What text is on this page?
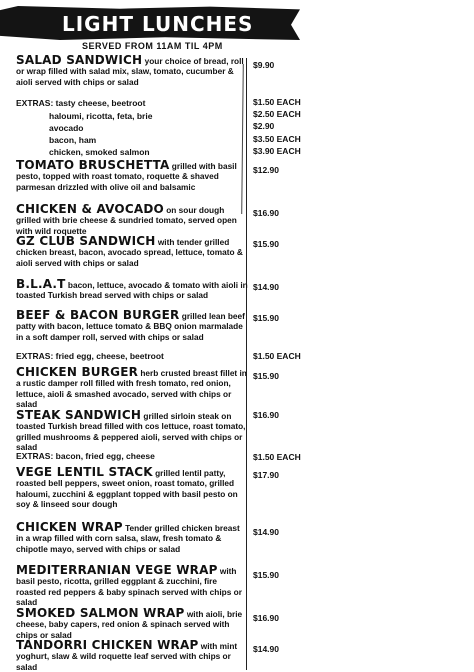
LIGHT LUNCHES
SERVED FROM 11AM TIL 4PM
SALAD SANDWICH your choice of bread, roll or wrap filled with salad mix, slaw, tomato, cucumber & aioli served with chips or salad
$9.90
EXTRAS: tasty cheese, beetroot
haloumi, ricotta, feta, brie
avocado
bacon, ham
chicken, smoked salmon
$1.50 EACH
$2.50 EACH
$2.90
$3.50 EACH
$3.90 EACH
TOMATO BRUSCHETTA grilled with basil pesto, topped with roast tomato, roquette & shaved parmesan drizzled with olive oil and balsamic
$12.90
CHICKEN & AVOCADO on sour dough grilled with brie cheese & sundried tomato, served open with wild roquette
$16.90
GZ CLUB SANDWICH with tender grilled chicken breast, bacon, avocado spread, lettuce, tomato & aioli served with chips or salad
$15.90
B.L.A.T bacon, lettuce, avocado & tomato with aioli in toasted Turkish bread served with chips or salad
$14.90
BEEF & BACON BURGER grilled lean beef patty with bacon, lettuce tomato & BBQ onion marmalade in a soft damper roll, served with chips or salad
$15.90
EXTRAS: fried egg, cheese, beetroot	$1.50 EACH
CHICKEN BURGER herb crusted breast fillet in a rustic damper roll filled with fresh tomato, red onion, lettuce, aioli & smashed avocado, served with chips or salad
$15.90
STEAK SANDWICH grilled sirloin steak on toasted Turkish bread filled with cos lettuce, roast tomato, grilled mushrooms & peppered aioli, served with chips or salad
$16.90
EXTRAS: bacon, fried egg, cheese	$1.50 EACH
VEGE LENTIL STACK grilled lentil patty, roasted bell peppers, sweet onion, roast tomato, grilled haloumi, zucchini & eggplant topped with basil pesto on soy & linseed sour dough
$17.90
CHICKEN WRAP Tender grilled chicken breast in a wrap filled with corn salsa, slaw, fresh tomato & chipotle mayo, served with chips or salad
$14.90
MEDITERRANIAN VEGE WRAP with basil pesto, ricotta, grilled eggplant & zucchini, fire roasted red peppers & baby spinach served with chips or salad
$15.90
SMOKED SALMON WRAP with aioli, brie cheese, baby capers, red onion & spinach served with chips or salad
$16.90
TANDORRI CHICKEN WRAP with mint yoghurt, slaw & wild roquette leaf served with chips or salad
$14.90
